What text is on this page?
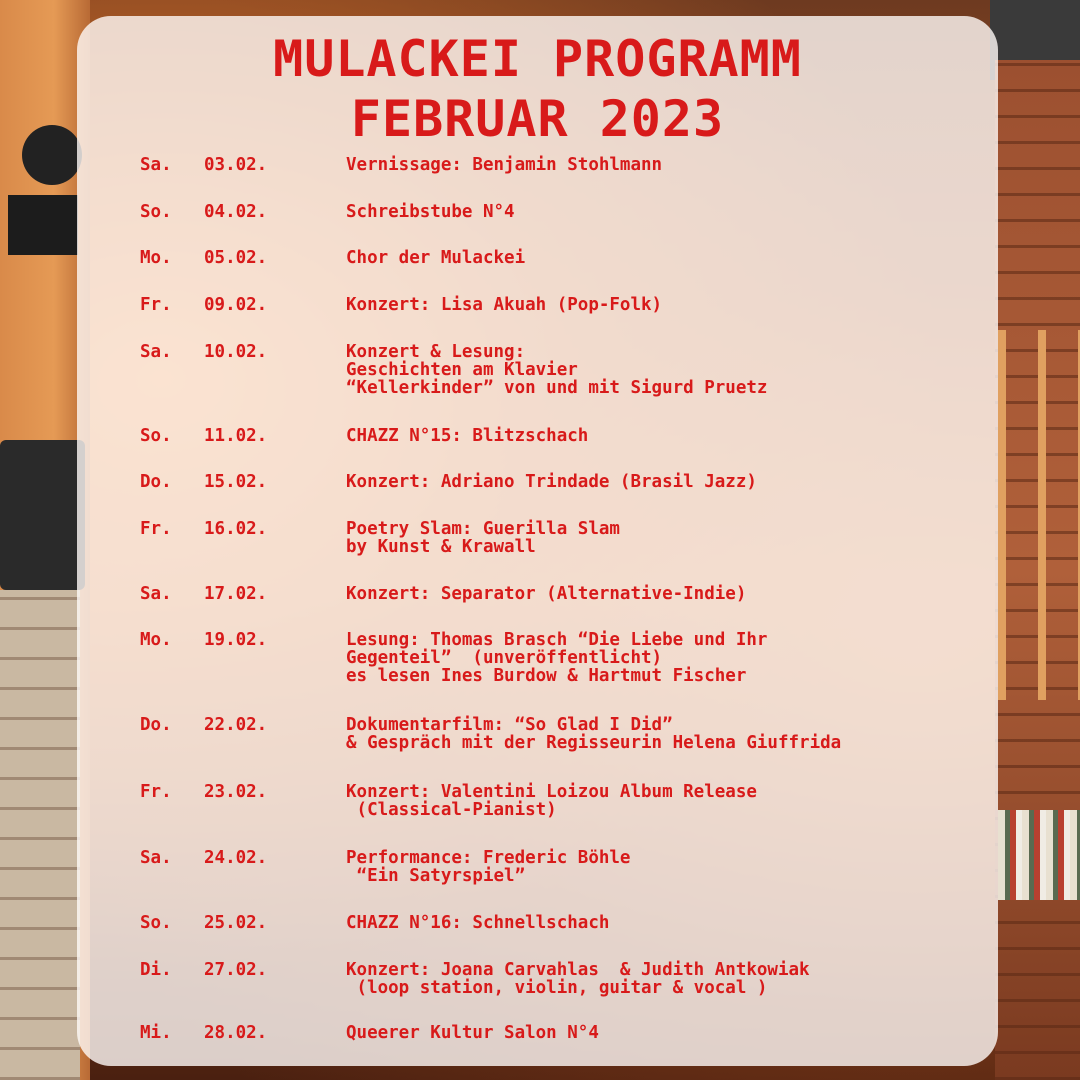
MULACKEI PROGRAMM
FEBRUAR 2023
Sa. 03.02.	Vernissage: Benjamin Stohlmann
So. 04.02.	Schreibstube N°4
Mo. 05.02.	Chor der Mulackei
Fr. 09.02.	Konzert: Lisa Akuah (Pop-Folk)
Sa. 10.02.	Konzert & Lesung:
Geschichten am Klavier
“Kellerkinder” von und mit Sigurd Pruetz
So. 11.02.	CHAZZ N°15: Blitzschach
Do. 15.02.	Konzert: Adriano Trindade (Brasil Jazz)
Fr. 16.02.	Poetry Slam: Guerilla Slam
by Kunst & Krawall
Sa. 17.02.	Konzert: Separator (Alternative-Indie)
Mo. 19.02.	Lesung: Thomas Brasch “Die Liebe und Ihr
Gegenteil”  (unveröffentlicht)
es lesen Ines Burdow & Hartmut Fischer
Do. 22.02.	Dokumentarfilm: “So Glad I Did”
& Gespräch mit der Regisseurin Helena Giuffrida
Fr. 23.02.	Konzert: Valentini Loizou Album Release
(Classical-Pianist)
Sa. 24.02.	Performance: Frederic Böhle
“Ein Satyrspiel”
So. 25.02.	CHAZZ N°16: Schnellschach
Di. 27.02.	Konzert: Joana Carvahlas  & Judith Antkowiak
(loop station, violin, guitar & vocal )
Mi. 28.02.	Queerer Kultur Salon N°4
